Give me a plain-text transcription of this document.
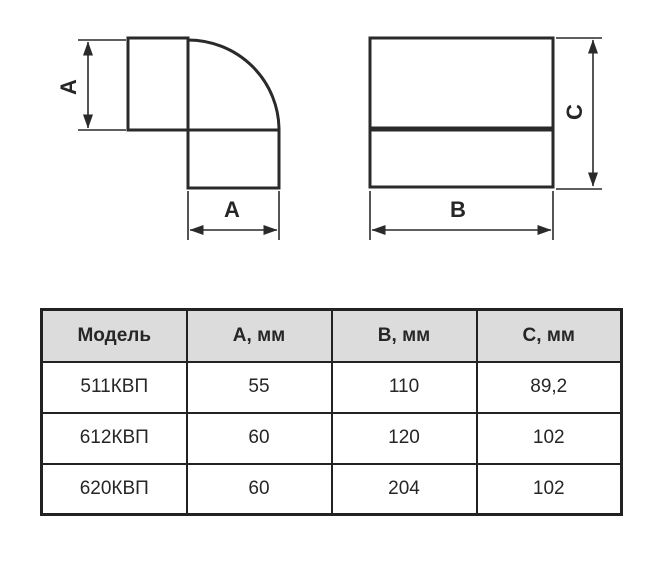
А
А	В
С
Модель	А, мм	В, мм	С, мм
511КВП	55	110	89,2
612КВП	60	120	102
620КВП	60	204	102
